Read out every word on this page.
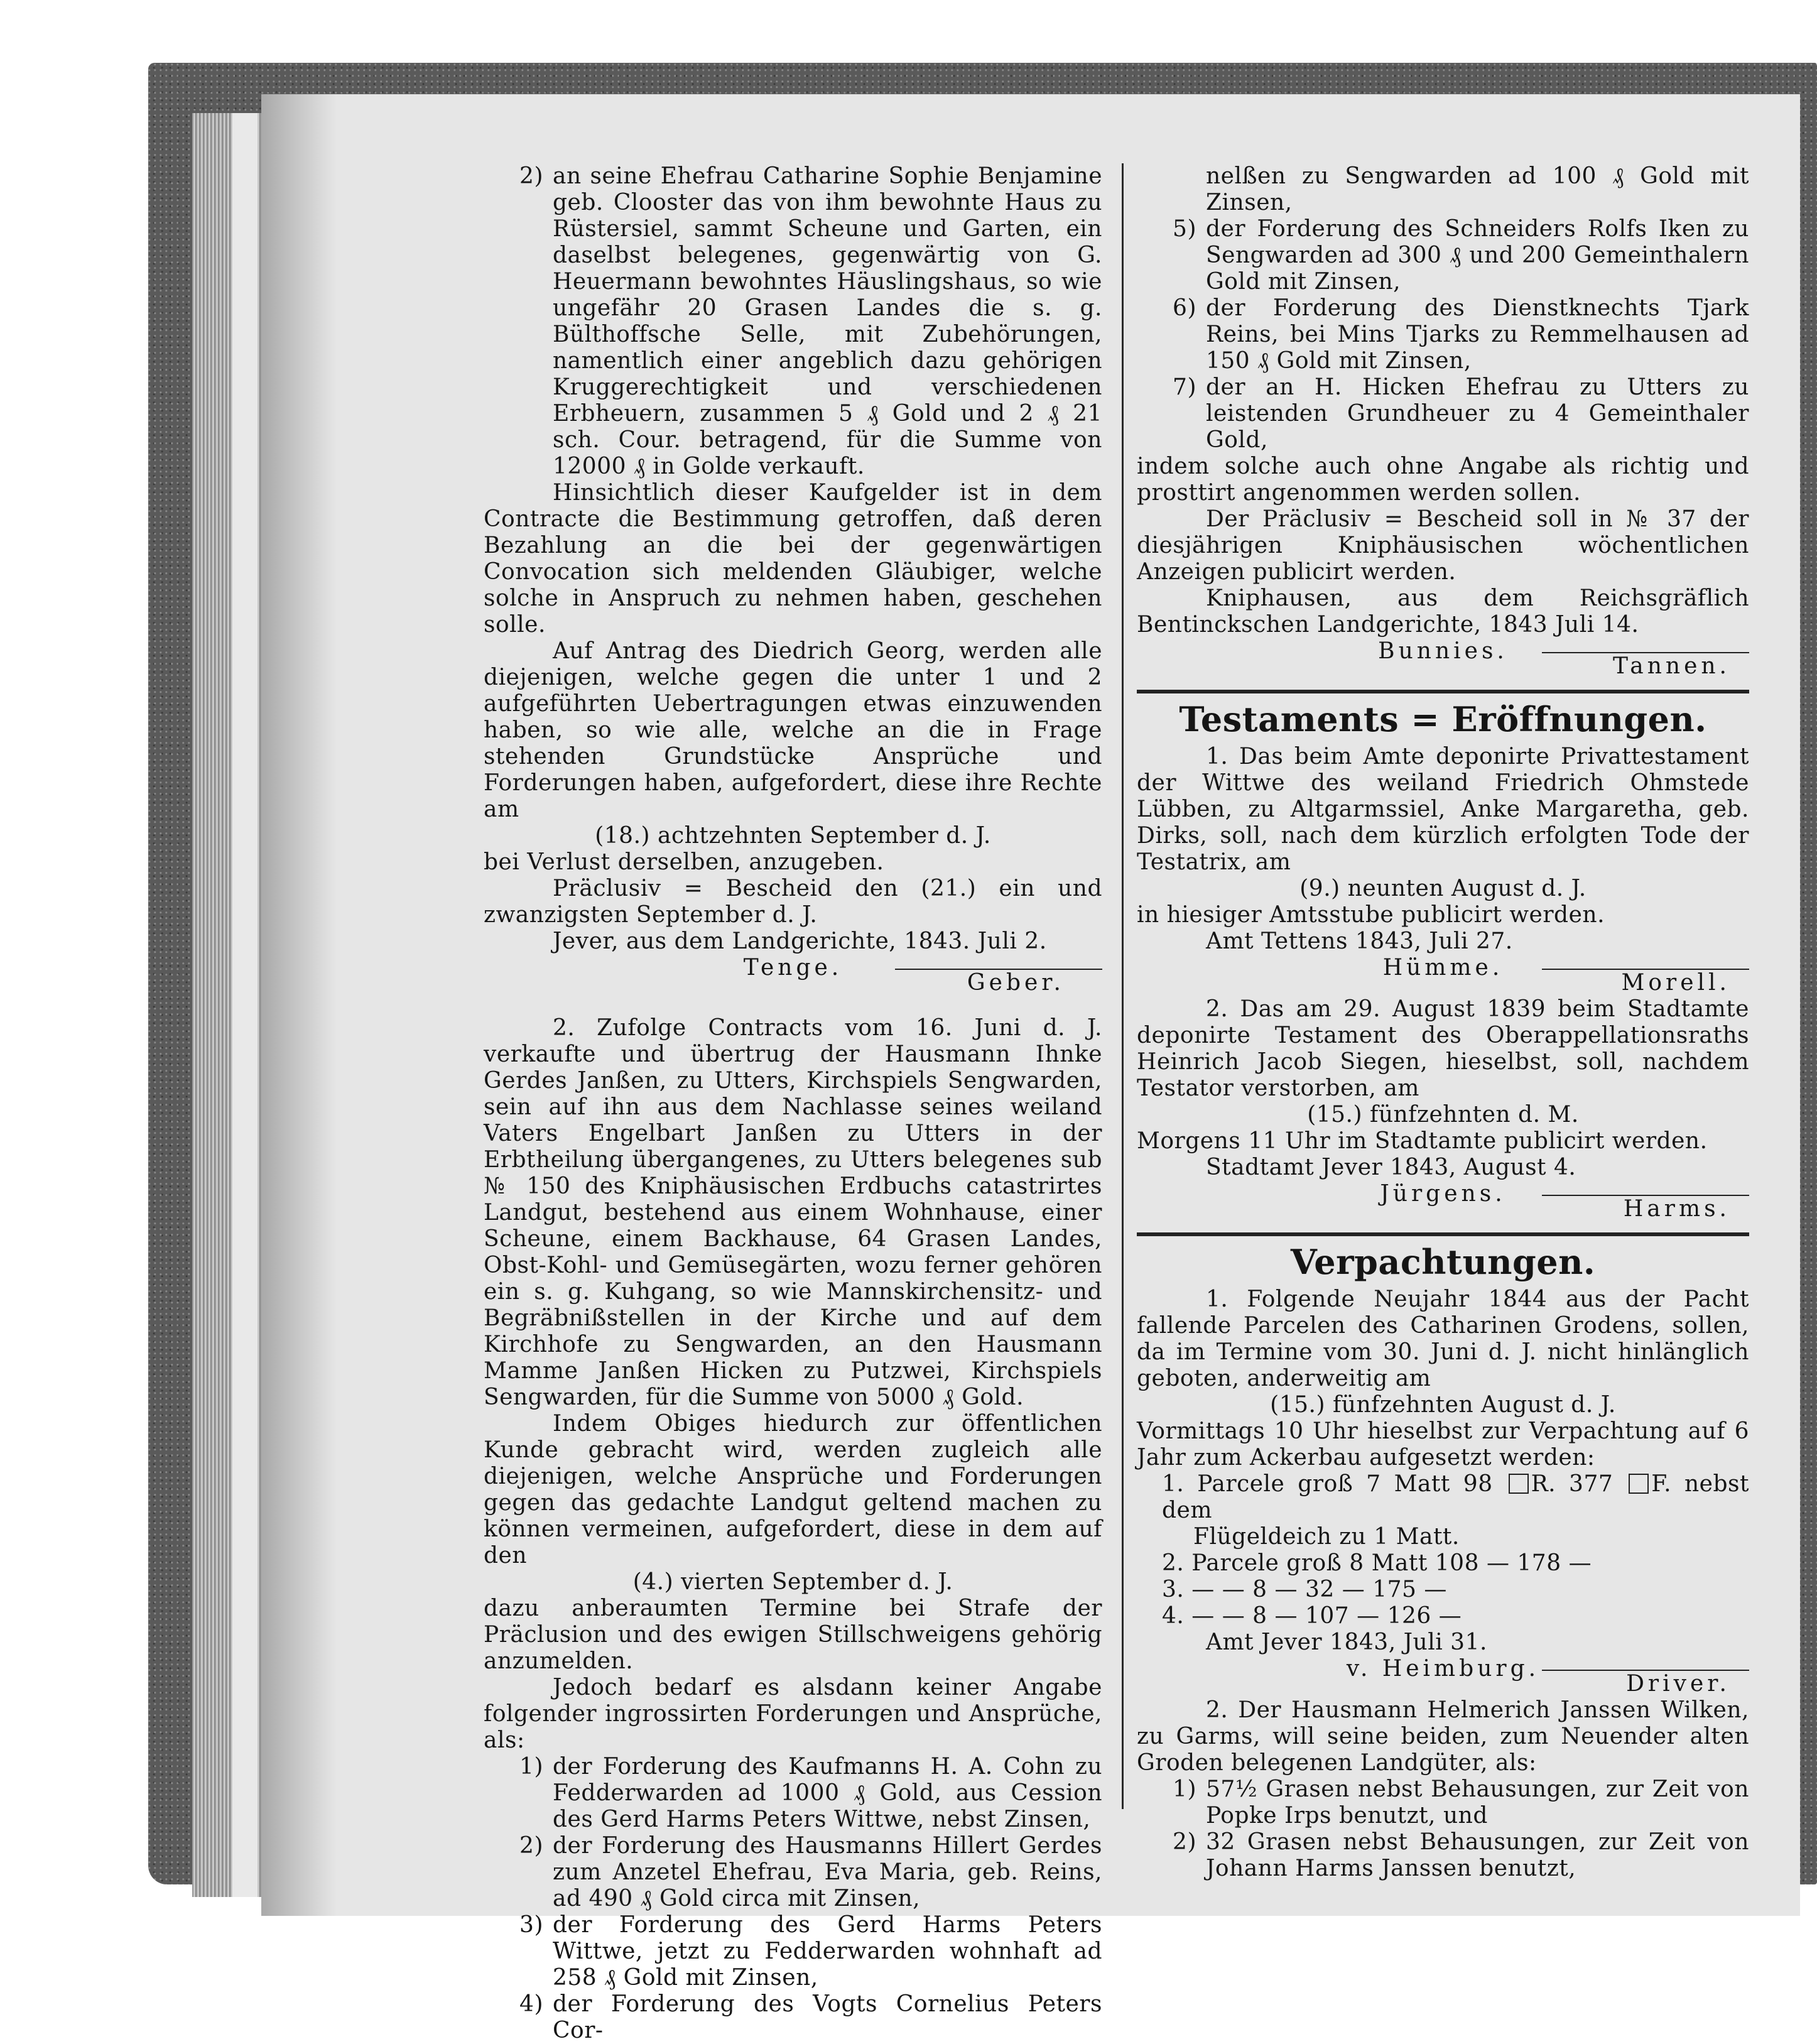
2) an seine Ehefrau Catharine Sophie Benjamine geb. Clooster das von ihm bewohnte Haus zu Rüstersiel, sammt Scheune und Garten, ein daselbst belegenes, gegenwärtig von G. Heuermann bewohntes Häuslingshaus, so wie ungefähr 20 Grasen Landes die s. g. Bülthoffsche Selle, mit Zubehörungen, namentlich einer angeblich dazu gehörigen Kruggerechtigkeit und verschiedenen Erbheuern, zusammen 5 ₰ Gold und 2 ₰ 21 sch. Cour. betragend, für die Summe von 12000 ₰ in Golde verkauft.

Hinsichtlich dieser Kaufgelder ist in dem Contracte die Bestimmung getroffen, daß deren Bezahlung an die bei der gegenwärtigen Convocation sich meldenden Gläubiger, welche solche in Anspruch zu nehmen haben, geschehen solle.

Auf Antrag des Diedrich Georg, werden alle diejenigen, welche gegen die unter 1 und 2 aufgeführten Uebertragungen etwas einzuwenden haben, so wie alle, welche an die in Frage stehenden Grundstücke Ansprüche und Forderungen haben, aufgefordert, diese ihre Rechte am

(18.) achtzehnten September d. J.

bei Verlust derselben, anzugeben.

Präclusiv = Bescheid den (21.) ein und zwanzigsten September d. J.

Jever, aus dem Landgerichte, 1843. Juli 2.

Tenge.

Geber.

2. Zufolge Contracts vom 16. Juni d. J. verkaufte und übertrug der Hausmann Ihnke Gerdes Janßen, zu Utters, Kirchspiels Sengwarden, sein auf ihn aus dem Nachlasse seines weiland Vaters Engelbart Janßen zu Utters in der Erbtheilung übergangenes, zu Utters belegenes sub № 150 des Kniphäusischen Erdbuchs catastrirtes Landgut, bestehend aus einem Wohnhause, einer Scheune, einem Backhause, 64 Grasen Landes, Obst-Kohl- und Gemüsegärten, wozu ferner gehören ein s. g. Kuhgang, so wie Mannskirchensitz- und Begräbnißstellen in der Kirche und auf dem Kirchhofe zu Sengwarden, an den Hausmann Mamme Janßen Hicken zu Putzwei, Kirchspiels Sengwarden, für die Summe von 5000 ₰ Gold.

Indem Obiges hiedurch zur öffentlichen Kunde gebracht wird, werden zugleich alle diejenigen, welche Ansprüche und Forderungen gegen das gedachte Landgut geltend machen zu können vermeinen, aufgefordert, diese in dem auf den

(4.) vierten September d. J.

dazu anberaumten Termine bei Strafe der Präclusion und des ewigen Stillschweigens gehörig anzumelden.

Jedoch bedarf es alsdann keiner Angabe folgender ingrossirten Forderungen und Ansprüche, als:

1) der Forderung des Kaufmanns H. A. Cohn zu Fedderwarden ad 1000 ₰ Gold, aus Cession des Gerd Harms Peters Wittwe, nebst Zinsen,
2) der Forderung des Hausmanns Hillert Gerdes zum Anzetel Ehefrau, Eva Maria, geb. Reins, ad 490 ₰ Gold circa mit Zinsen,
3) der Forderung des Gerd Harms Peters Wittwe, jetzt zu Fedderwarden wohnhaft ad 258 ₰ Gold mit Zinsen,
4) der Forderung des Vogts Cornelius Peters Cor-

nelßen zu Sengwarden ad 100 ₰ Gold mit Zinsen,

5) der Forderung des Schneiders Rolfs Iken zu Sengwarden ad 300 ₰ und 200 Gemeinthalern Gold mit Zinsen,
6) der Forderung des Dienstknechts Tjark Reins, bei Mins Tjarks zu Remmelhausen ad 150 ₰ Gold mit Zinsen,
7) der an H. Hicken Ehefrau zu Utters zu leistenden Grundheuer zu 4 Gemeinthaler Gold,

indem solche auch ohne Angabe als richtig und prosttirt angenommen werden sollen.

Der Präclusiv = Bescheid soll in № 37 der diesjährigen Kniphäusischen wöchentlichen Anzeigen publicirt werden.

Kniphausen, aus dem Reichsgräflich Bentinckschen Landgerichte, 1843 Juli 14.

Bunnies.

Tannen.

Testaments = Eröffnungen.

1. Das beim Amte deponirte Privattestament der Wittwe des weiland Friedrich Ohmstede Lübben, zu Altgarmssiel, Anke Margaretha, geb. Dirks, soll, nach dem kürzlich erfolgten Tode der Testatrix, am

(9.) neunten August d. J.

in hiesiger Amtsstube publicirt werden.

Amt Tettens 1843, Juli 27.

Hümme.

Morell.

2. Das am 29. August 1839 beim Stadtamte deponirte Testament des Oberappellationsraths Heinrich Jacob Siegen, hieselbst, soll, nachdem Testator verstorben, am

(15.) fünfzehnten d. M.

Morgens 11 Uhr im Stadtamte publicirt werden.

Stadtamt Jever 1843, August 4.

Jürgens.

Harms.

Verpachtungen.

1. Folgende Neujahr 1844 aus der Pacht fallende Parcelen des Catharinen Grodens, sollen, da im Termine vom 30. Juni d. J. nicht hinlänglich geboten, anderweitig am

(15.) fünfzehnten August d. J.

Vormittags 10 Uhr hieselbst zur Verpachtung auf 6 Jahr zum Ackerbau aufgesetzt werden:

1. Parcele groß 7 Matt 98 R. 377 F. nebst dem

Flügeldeich zu 1 Matt.

2. Parcele groß 8 Matt 108 — 178 —

3. — — 8 — 32 — 175 —

4. — — 8 — 107 — 126 —

Amt Jever 1843, Juli 31.

v. Heimburg.

Driver.

2. Der Hausmann Helmerich Janssen Wilken, zu Garms, will seine beiden, zum Neuender alten Groden belegenen Landgüter, als:

1) 57½ Grasen nebst Behausungen, zur Zeit von Popke Irps benutzt, und
2) 32 Grasen nebst Behausungen, zur Zeit von Johann Harms Janssen benutzt,
